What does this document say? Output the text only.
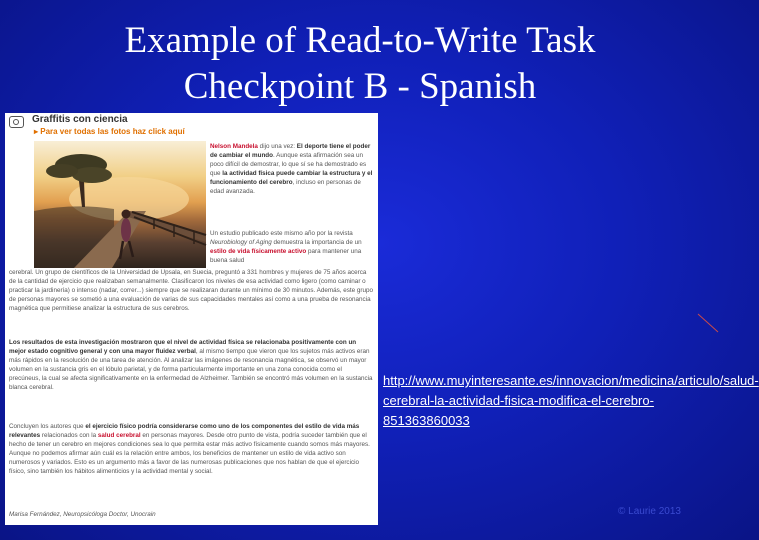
Example of Read-to-Write Task
Checkpoint B - Spanish
Graffitis con ciencia
▸ Para ver todas las fotos haz click aquí

Nelson Mandela dijo una vez: El deporte tiene el poder de cambiar el mundo. Aunque esta afirmación sea un poco difícil de demostrar, lo que sí se ha demostrado es que la actividad física puede cambiar la estructura y el funcionamiento del cerebro, incluso en personas de edad avanzada.

Un estudio publicado este mismo año por la revista Neurobiology of Aging demuestra la importancia de un estilo de vida físicamente activo para mantener una buena salud

cerebral. Un grupo de científicos de la Universidad de Upsala, en Suecia, preguntó a 331 hombres y mujeres de 75 años acerca de la cantidad de ejercicio que realizaban semanalmente. Clasificaron los niveles de esa actividad como ligero (como caminar o practicar la jardinería) o intenso (nadar, correr...) siempre que se realizaran durante un mínimo de 30 minutos. Además, este grupo de personas mayores se sometió a una evaluación de varias de sus capacidades mentales así como a una prueba de resonancia magnética que permitiese analizar la estructura de sus cerebros.

Los resultados de esta investigación mostraron que el nivel de actividad física se relacionaba positivamente con un mejor estado cognitivo general y con una mayor fluidez verbal, al mismo tiempo que vieron que los sujetos más activos eran más rápidos en la resolución de una tarea de atención. Al analizar las imágenes de resonancia magnética, se observó un mayor volumen en la sustancia gris en el lóbulo parietal, y de forma particularmente importante en una zona conocida como el precúneus, la cual se afecta significativamente en la enfermedad de Alzheimer. También se encontró más volumen en la sustancia blanca cerebral.

Concluyen los autores que el ejercicio físico podría considerarse como uno de los componentes del estilo de vida más relevantes relacionados con la salud cerebral en personas mayores. Desde otro punto de vista, podría suceder también que el hecho de tener un cerebro en mejores condiciones sea lo que permita estar más activo físicamente cuando somos más mayores. Aunque no podemos afirmar aún cuál es la relación entre ambos, los beneficios de mantener un estilo de vida activo son numerosos y variados. Esto es un argumento más a favor de las numerosas publicaciones que nos hablan de que el ejercicio físico, sino también los hábitos alimenticios y la actividad mental y social.

Marisa Fernández, Neuropsicóloga Doctor, Unocrain

http://www.muyinteresante.es/innovacion/medicina/articulo/salud-cerebral-la-actividad-fisica-modifica-el-cerebro-851363860033

© Laurie 2013
